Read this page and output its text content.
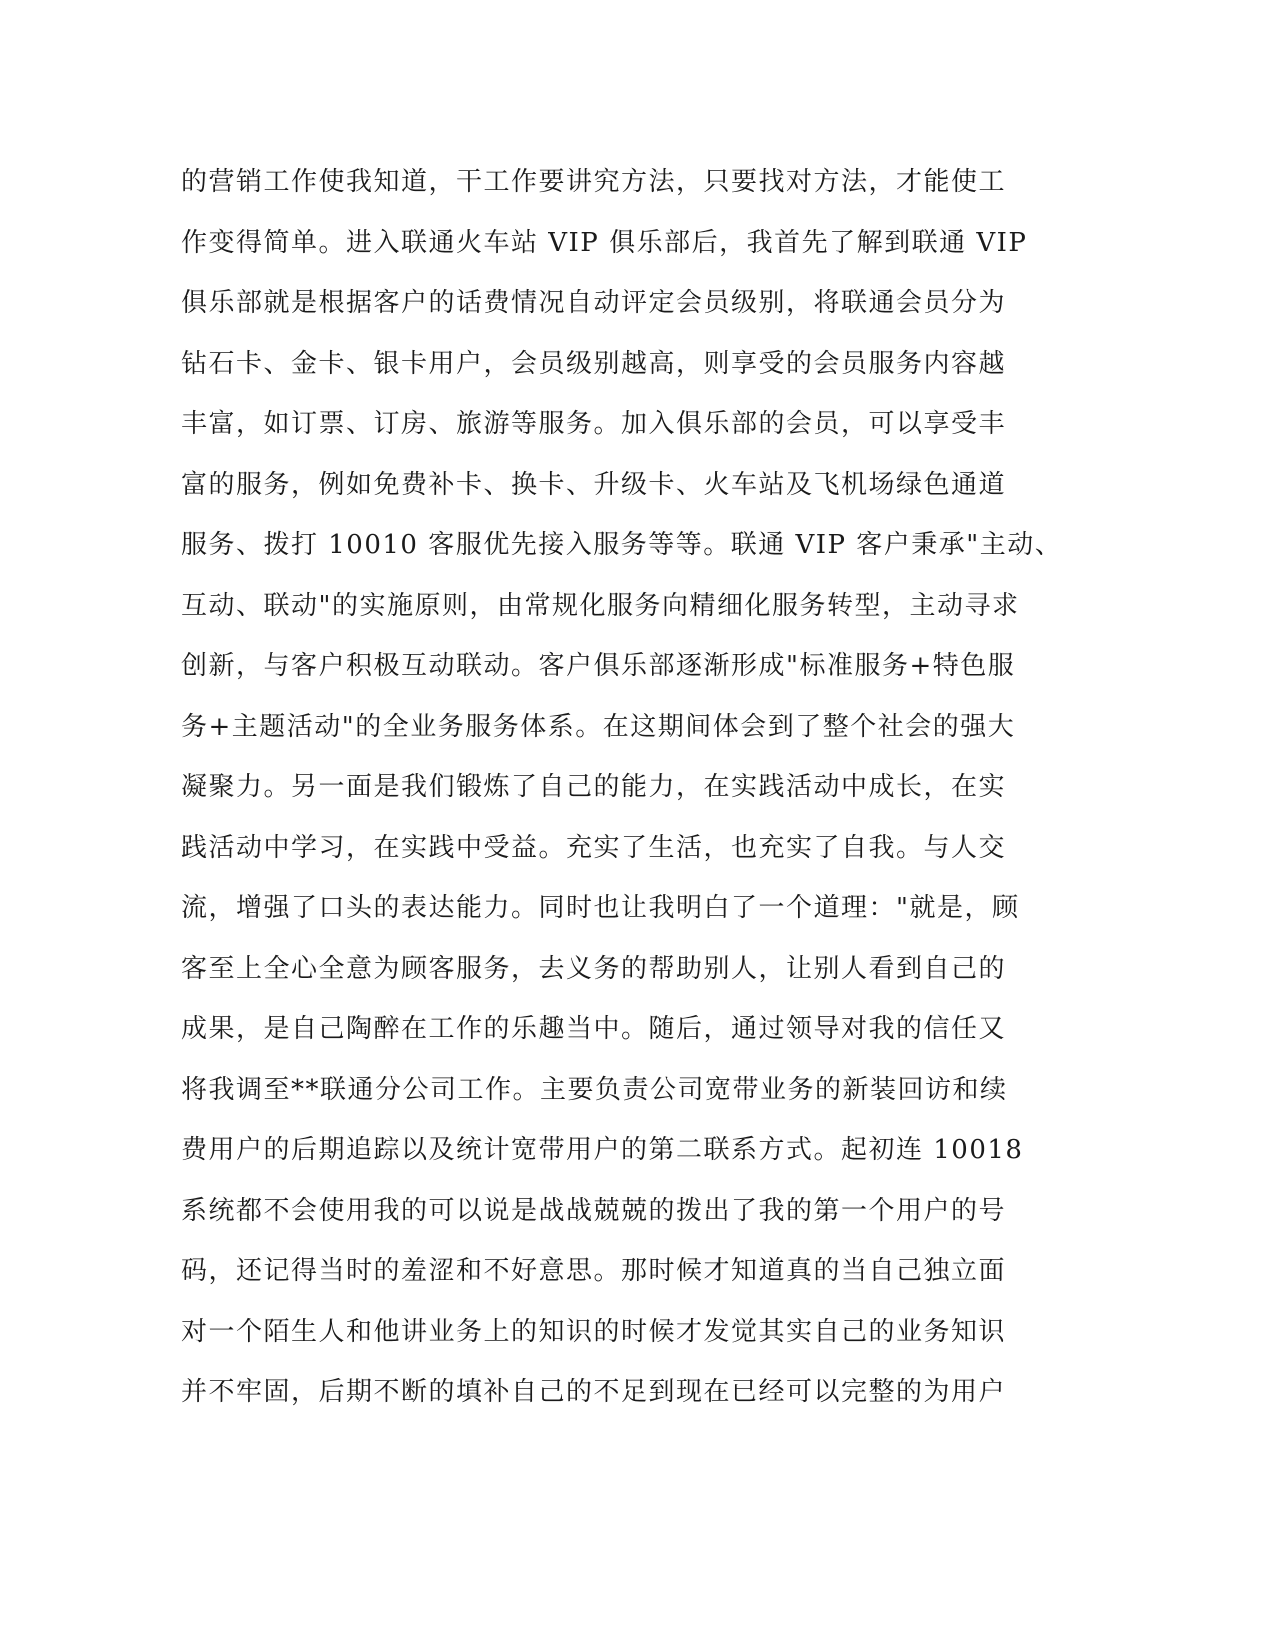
的营销工作使我知道，干工作要讲究方法，只要找对方法，才能使工
作变得简单。进入联通火车站 VIP 俱乐部后，我首先了解到联通 VIP
俱乐部就是根据客户的话费情况自动评定会员级别，将联通会员分为
钻石卡、金卡、银卡用户，会员级别越高，则享受的会员服务内容越
丰富，如订票、订房、旅游等服务。加入俱乐部的会员，可以享受丰
富的服务，例如免费补卡、换卡、升级卡、火车站及飞机场绿色通道
服务、拨打 10010 客服优先接入服务等等。联通 VIP 客户秉承"主动、
互动、联动"的实施原则，由常规化服务向精细化服务转型，主动寻求
创新，与客户积极互动联动。客户俱乐部逐渐形成"标准服务+特色服
务+主题活动"的全业务服务体系。在这期间体会到了整个社会的强大
凝聚力。另一面是我们锻炼了自己的能力，在实践活动中成长，在实
践活动中学习，在实践中受益。充实了生活，也充实了自我。与人交
流，增强了口头的表达能力。同时也让我明白了一个道理："就是，顾
客至上全心全意为顾客服务，去义务的帮助别人，让别人看到自己的
成果，是自己陶醉在工作的乐趣当中。随后，通过领导对我的信任又
将我调至**联通分公司工作。主要负责公司宽带业务的新装回访和续
费用户的后期追踪以及统计宽带用户的第二联系方式。起初连 10018
系统都不会使用我的可以说是战战兢兢的拨出了我的第一个用户的号
码，还记得当时的羞涩和不好意思。那时候才知道真的当自己独立面
对一个陌生人和他讲业务上的知识的时候才发觉其实自己的业务知识
并不牢固，后期不断的填补自己的不足到现在已经可以完整的为用户
